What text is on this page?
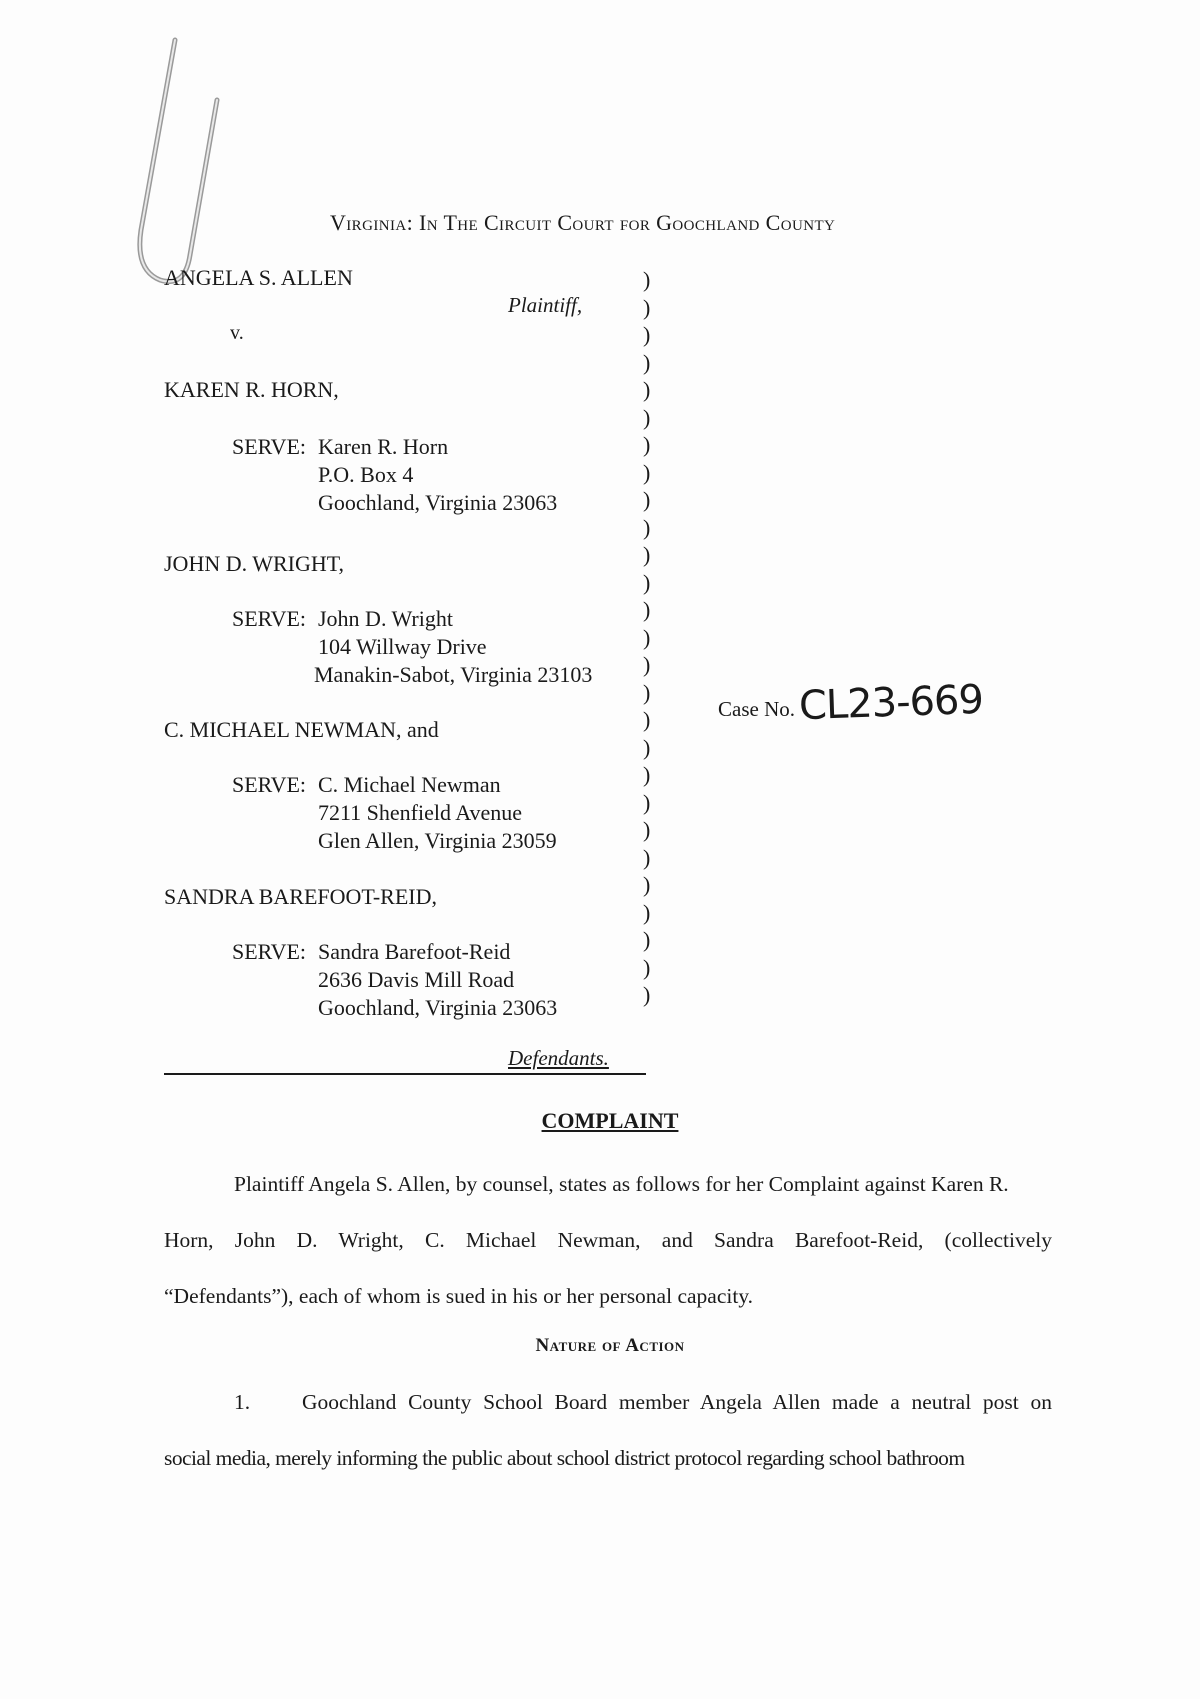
Virginia: In The Circuit Court for Goochland County
ANGELA S. ALLEN
Plaintiff,
v.
KAREN R. HORN,
SERVE: Karen R. Horn
P.O. Box 4
Goochland, Virginia 23063
JOHN D. WRIGHT,
SERVE: John D. Wright
104 Willway Drive
Manakin-Sabot, Virginia 23103
C. MICHAEL NEWMAN, and
SERVE: C. Michael Newman
7211 Shenfield Avenue
Glen Allen, Virginia 23059
SANDRA BAREFOOT-REID,
SERVE: Sandra Barefoot-Reid
2636 Davis Mill Road
Goochland, Virginia 23063
Defendants.
)
)
)
)
)
)
)
)
)
)
)
)
)
)
)
)
)
)
)
)
)
)
)
)
)
)
)
Case No. CL23-669
COMPLAINT
Plaintiff Angela S. Allen, by counsel, states as follows for her Complaint against Karen R.
Horn, John D. Wright, C. Michael Newman, and Sandra Barefoot-Reid, (collectively
“Defendants”), each of whom is sued in his or her personal capacity.
Nature of Action
1. Goochland County School Board member Angela Allen made a neutral post on
social media, merely informing the public about school district protocol regarding school bathroom
